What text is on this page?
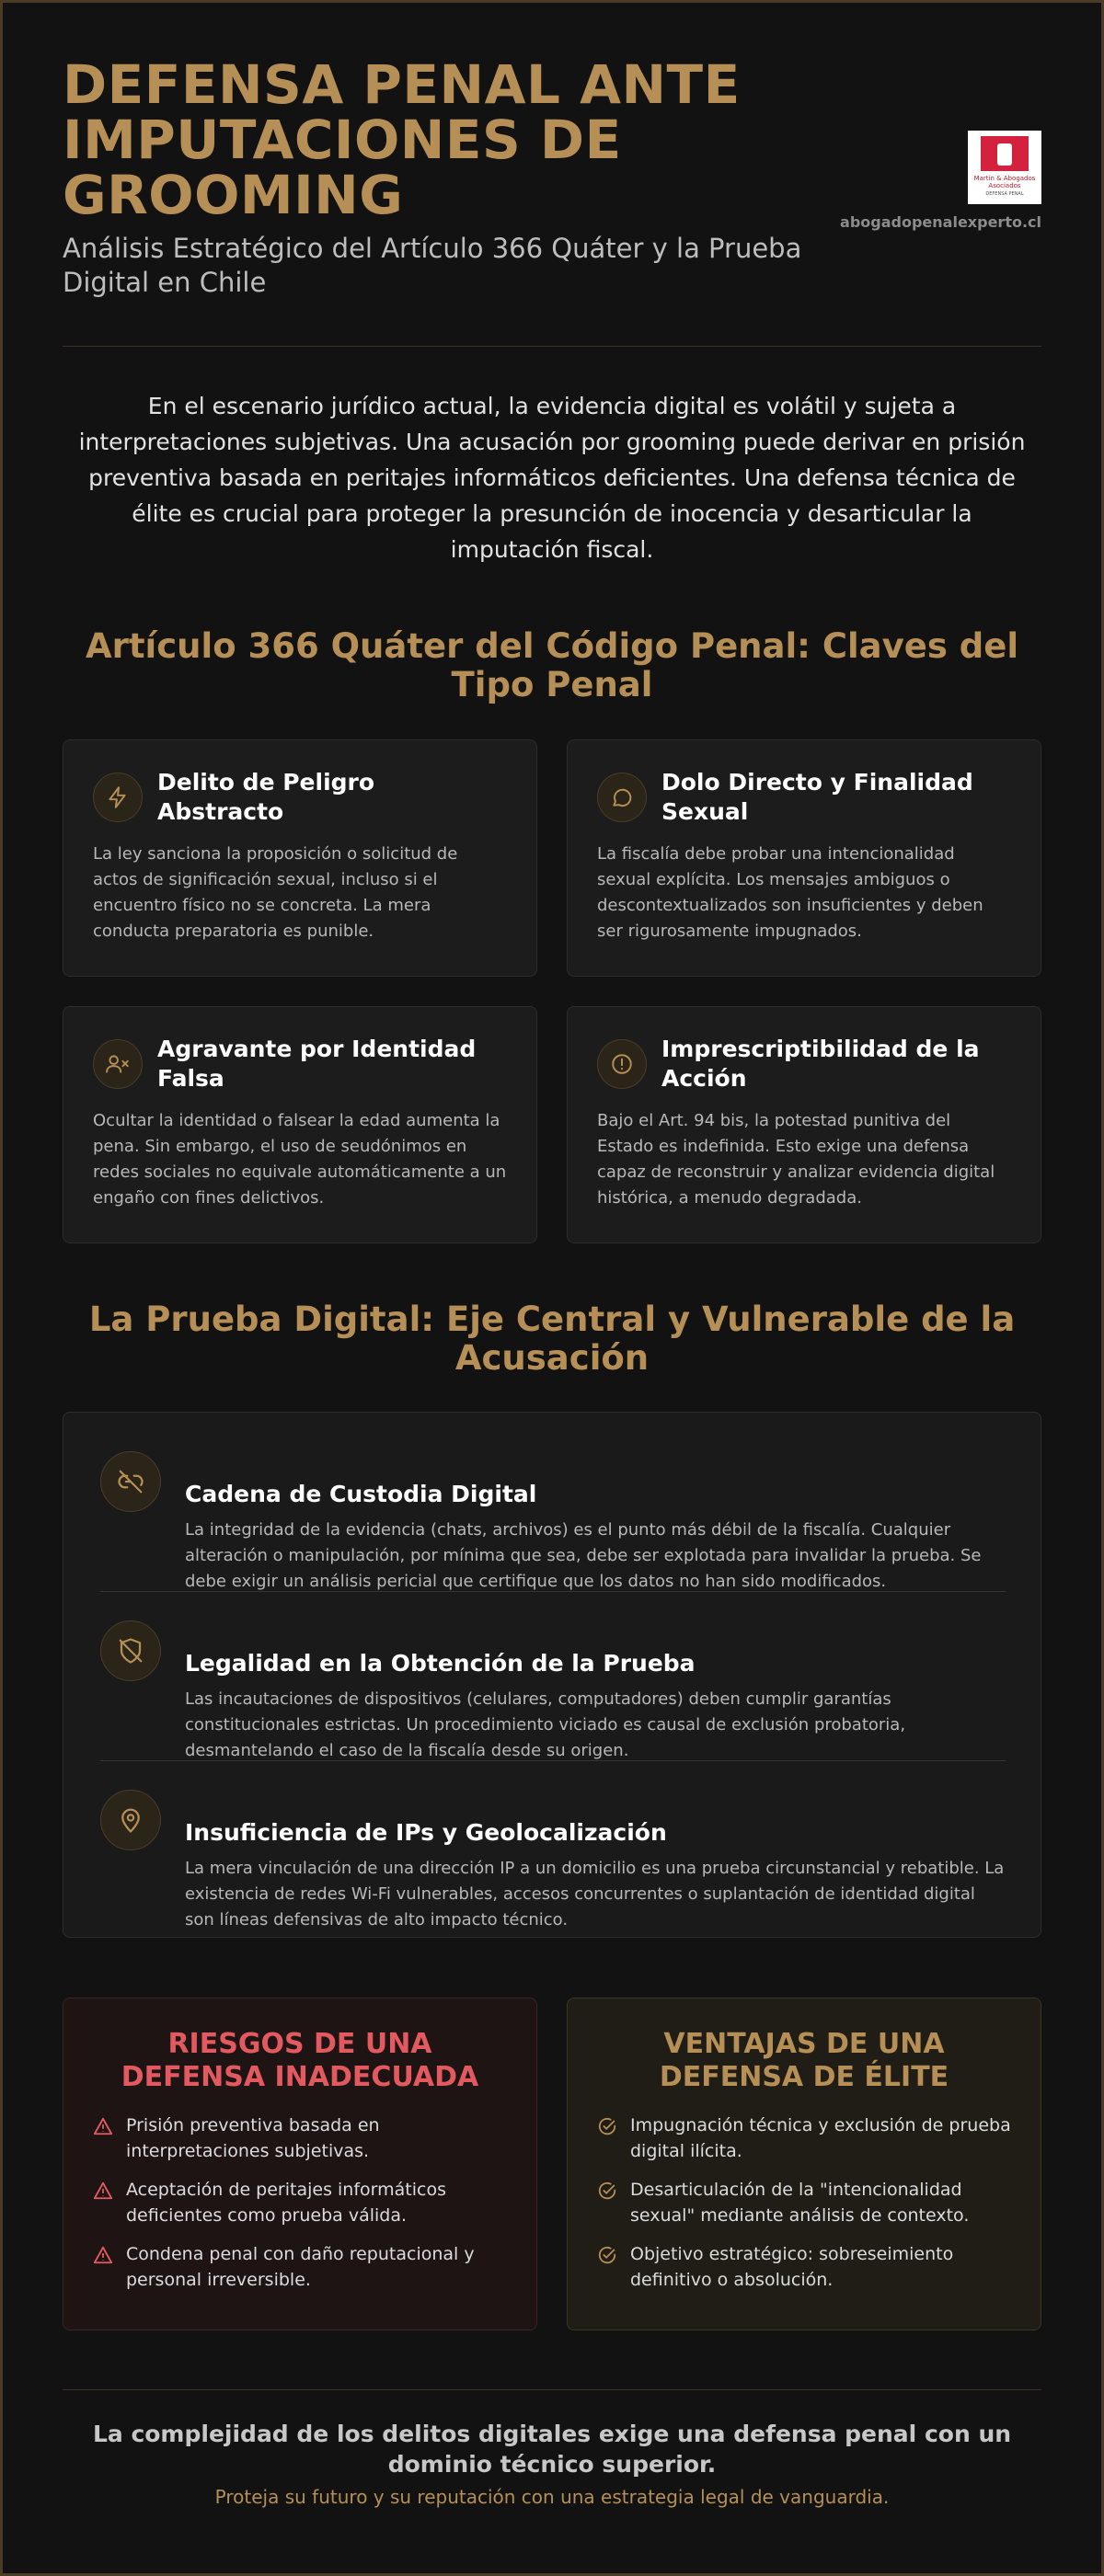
DEFENSA PENAL ANTE IMPUTACIONES DE GROOMING
Análisis Estratégico del Artículo 366 Quáter y la Prueba Digital en Chile
Martín & Abogados Asociados
DEFENSA PENAL
abogadopenalexperto.cl
En el escenario jurídico actual, la evidencia digital es volátil y sujeta a interpretaciones subjetivas. Una acusación por grooming puede derivar en prisión preventiva basada en peritajes informáticos deficientes. Una defensa técnica de élite es crucial para proteger la presunción de inocencia y desarticular la imputación fiscal.
Artículo 366 Quáter del Código Penal: Claves del Tipo Penal
Delito de Peligro Abstracto
La ley sanciona la proposición o solicitud de actos de significación sexual, incluso si el encuentro físico no se concreta. La mera conducta preparatoria es punible.
Dolo Directo y Finalidad Sexual
La fiscalía debe probar una intencionalidad sexual explícita. Los mensajes ambiguos o descontextualizados son insuficientes y deben ser rigurosamente impugnados.
Agravante por Identidad Falsa
Ocultar la identidad o falsear la edad aumenta la pena. Sin embargo, el uso de seudónimos en redes sociales no equivale automáticamente a un engaño con fines delictivos.
Imprescriptibilidad de la Acción
Bajo el Art. 94 bis, la potestad punitiva del Estado es indefinida. Esto exige una defensa capaz de reconstruir y analizar evidencia digital histórica, a menudo degradada.
La Prueba Digital: Eje Central y Vulnerable de la Acusación
Cadena de Custodia Digital
La integridad de la evidencia (chats, archivos) es el punto más débil de la fiscalía. Cualquier alteración o manipulación, por mínima que sea, debe ser explotada para invalidar la prueba. Se debe exigir un análisis pericial que certifique que los datos no han sido modificados.
Legalidad en la Obtención de la Prueba
Las incautaciones de dispositivos (celulares, computadores) deben cumplir garantías constitucionales estrictas. Un procedimiento viciado es causal de exclusión probatoria, desmantelando el caso de la fiscalía desde su origen.
Insuficiencia de IPs y Geolocalización
La mera vinculación de una dirección IP a un domicilio es una prueba circunstancial y rebatible. La existencia de redes Wi-Fi vulnerables, accesos concurrentes o suplantación de identidad digital son líneas defensivas de alto impacto técnico.
RIESGOS DE UNA DEFENSA INADECUADA
Prisión preventiva basada en interpretaciones subjetivas.
Aceptación de peritajes informáticos deficientes como prueba válida.
Condena penal con daño reputacional y personal irreversible.
VENTAJAS DE UNA DEFENSA DE ÉLITE
Impugnación técnica y exclusión de prueba digital ilícita.
Desarticulación de la "intencionalidad sexual" mediante análisis de contexto.
Objetivo estratégico: sobreseimiento definitivo o absolución.
La complejidad de los delitos digitales exige una defensa penal con un dominio técnico superior.
Proteja su futuro y su reputación con una estrategia legal de vanguardia.
